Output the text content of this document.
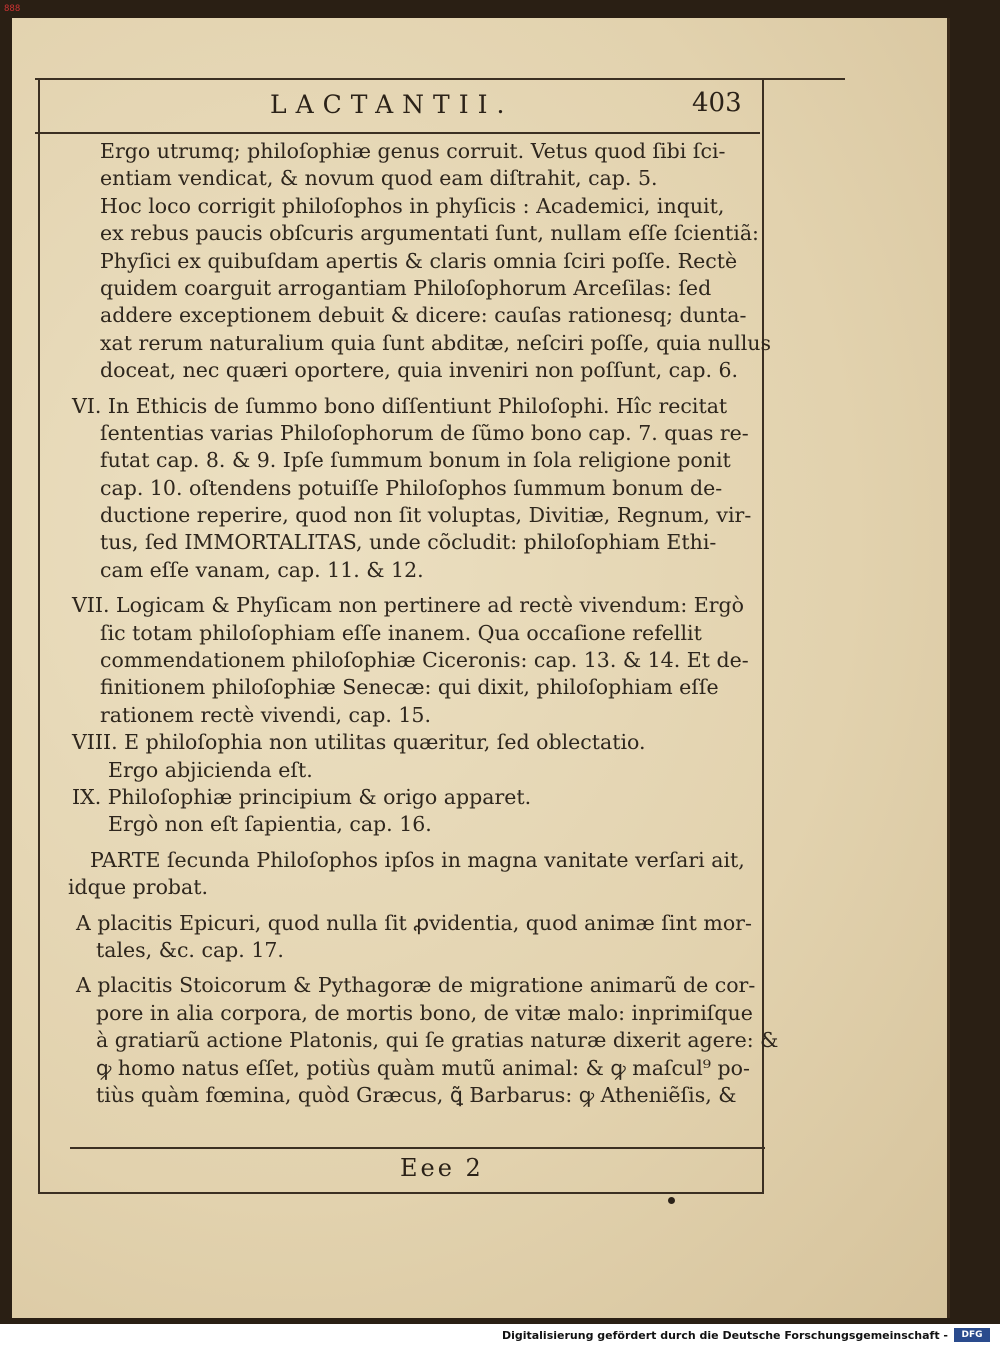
888
LACTANTII.	403
Ergo utrumq; philoſophiæ genus corruit. Vetus quod ſibi ſci-
entiam vendicat, & novum quod eam diſtrahit, cap. 5.
Hoc loco corrigit philoſophos in phyſicis : Academici, inquit,
ex rebus paucis obſcuris argumentati ſunt, nullam eſſe ſcientiã:
Phyſici ex quibuſdam apertis & claris omnia ſciri poſſe. Rectè
quidem coarguit arrogantiam Philoſophorum Arceſilas: ſed
addere exceptionem debuit & dicere: cauſas rationesq; dunta-
xat rerum naturalium quia ſunt abditæ, neſciri poſſe, quia nullus
doceat, nec quæri oportere, quia inveniri non poſſunt, cap. 6.
VI. In Ethicis de ſummo bono diſſentiunt Philoſophi. Hîc recitat
ſententias varias Philoſophorum de ſũmo bono cap. 7. quas re-
futat cap. 8. & 9. Ipſe ſummum bonum in ſola religione ponit
cap. 10. oſtendens potuiſſe Philoſophos ſummum bonum de-
ductione reperire, quod non ſit voluptas, Divitiæ, Regnum, vir-
tus, ſed IMMORTALITAS, unde cõcludit: philoſophiam Ethi-
cam eſſe vanam, cap. 11. & 12.
VII. Logicam & Phyſicam non pertinere ad rectè vivendum: Ergò
ſic totam philoſophiam eſſe inanem. Qua occaſione refellit
commendationem philoſophiæ Ciceronis: cap. 13. & 14. Et de-
finitionem philoſophiæ Senecæ: qui dixit, philoſophiam eſſe
rationem rectè vivendi, cap. 15.
VIII. E philoſophia non utilitas quæritur, ſed oblectatio.
Ergo abjicienda eſt.
IX. Philoſophiæ principium & origo apparet.
Ergò non eſt ſapientia, cap. 16.
PARTE ſecunda Philoſophos ipſos in magna vanitate verſari ait,
idque probat.
A placitis Epicuri, quod nulla ſit ꝓvidentia, quod animæ ſint mor-
tales, &c. cap. 17.
A placitis Stoicorum & Pythagoræ de migratione animarũ de cor-
pore in alia corpora, de mortis bono, de vitæ malo: inprimiſque
à gratiarũ actione Platonis, qui ſe gratias naturæ dixerit agere: &
ꝙ homo natus eſſet, potiùs quàm mutũ animal: & ꝙ maſcul⁹ po-
tiùs quàm fœmina, quòd Græcus, ꝗ̃ Barbarus: ꝙ Atheniẽſis, &
Eee 2
Digitalisierung gefördert durch die Deutsche Forschungsgemeinschaft -	DFG
